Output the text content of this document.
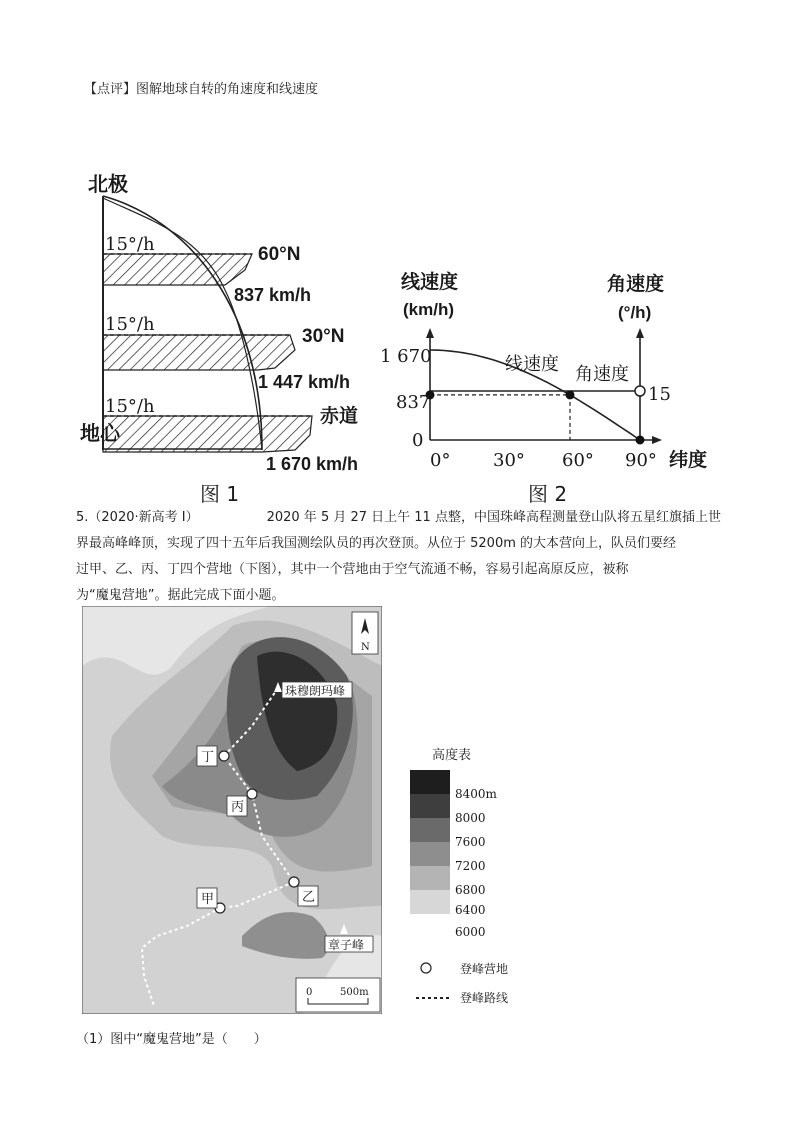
【点评】图解地球自转的角速度和线速度
北极
地心
15°/h
15°/h
15°/h
60°N
30°N
赤道
837 km/h
1 447 km/h
1 670 km/h
线速度
(km/h)
角速度
(°/h)
线速度 角速度
1 670
837
0
15
0° 30° 60° 90° 纬度
图 1	图 2
5.（2020·新高考 I）	2020 年 5 月 27 日上午 11 点整，中国珠峰高程测量登山队将五星红旗插上世
界最高峰峰顶，实现了四十五年后我国测绘队员的再次登顶。从位于 5200m 的大本营向上，队员们要经
过甲、乙、丙、丁四个营地（下图），其中一个营地由于空气流通不畅，容易引起高原反应，被称
为“魔鬼营地”。据此完成下面小题。
珠穆朗玛峰
章子峰
N
丁
丙
乙
甲
0	500m
高度表
8400m
8000
7600
7200
6800
6400
6000
登峰营地
登峰路线
（1）图中“魔鬼营地”是（　　）
